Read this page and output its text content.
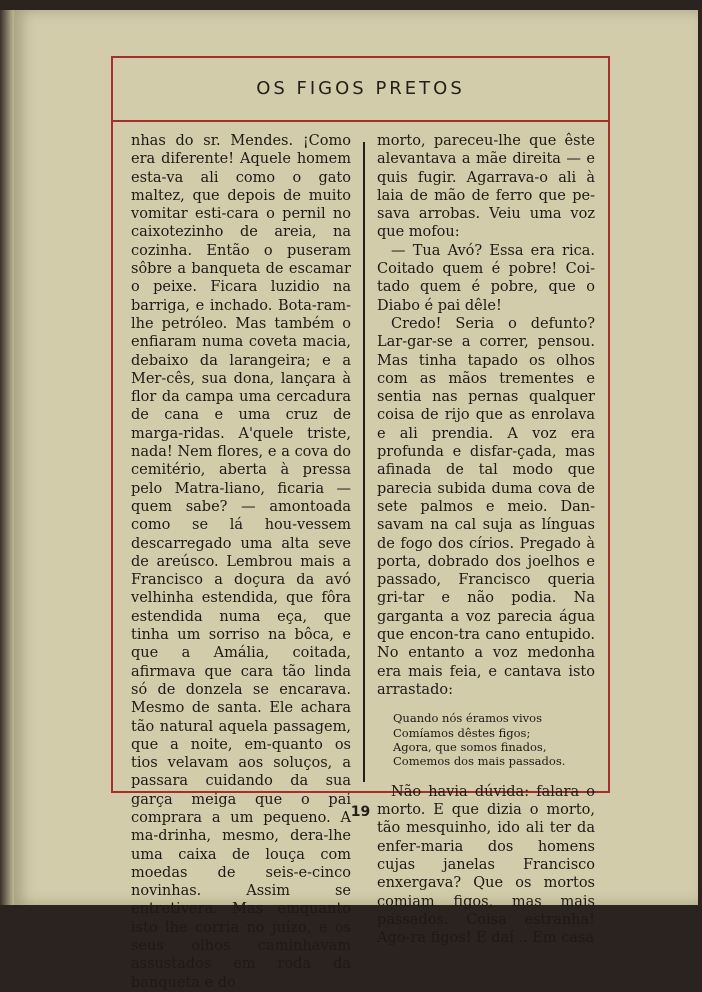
OS FIGOS PRETOS

nhas do sr. Mendes. ¡Como era diferente! Aquele homem esta-va ali como o gato maltez, que depois de muito vomitar esti-cara o pernil no caixotezinho de areia, na cozinha. Então o puseram sôbre a banqueta de escamar o peixe. Ficara luzidio na barriga, e inchado. Bota-ram-lhe petróleo. Mas também o enfiaram numa coveta macia, debaixo da larangeira; e a Mer-cês, sua dona, lançara à flor da campa uma cercadura de cana e uma cruz de marga-ridas. A'quele triste, nada! Nem flores, e a cova do cemitério, aberta à pressa pelo Matra-liano, ficaria — quem sabe? — amontoada como se lá hou-vessem descarregado uma alta seve de areúsco. Lembrou mais a Francisco a doçura da avó velhinha estendida, que fôra estendida numa eça, que tinha um sorriso na bôca, e que a Amália, coitada, afirmava que cara tão linda só de donzela se encarava. Mesmo de santa. Ele achara tão natural aquela passagem, que a noite, em-quanto os tios velavam aos soluços, a passara cuidando da sua garça meiga que o pai comprara a um pequeno. A ma-drinha, mesmo, dera-lhe uma caixa de louça com moedas de seis-e-cinco novinhas. Assim se entretivera. Mas emquanto isto lhe corria no juízo, e os seus olhos caminhavam assustados em roda da banqueta e do

morto, pareceu-lhe que êste alevantava a mãe direita — e quis fugir. Agarrava-o ali à laia de mão de ferro que pe-sava arrobas. Veiu uma voz que mofou:

— Tua Avó? Essa era rica. Coitado quem é pobre! Coi-tado quem é pobre, que o Diabo é pai dêle!

Credo! Seria o defunto? Lar-gar-se a correr, pensou. Mas tinha tapado os olhos com as mãos trementes e sentia nas pernas qualquer coisa de rijo que as enrolava e ali prendia. A voz era profunda e disfar-çada, mas afinada de tal modo que parecia subida duma cova de sete palmos e meio. Dan-savam na cal suja as línguas de fogo dos círios. Pregado à porta, dobrado dos joelhos e passado, Francisco queria gri-tar e não podia. Na garganta a voz parecia água que encon-tra cano entupido. No entanto a voz medonha era mais feia, e cantava isto arrastado:

Quando nós éramos vivos
Comíamos dêstes figos;
Agora, que somos finados,
Comemos dos mais passados.

Não havia dúvida: falara o morto. E que dizia o morto, tão mesquinho, ido ali ter da enfer-maria dos homens cujas janelas Francisco enxergava? Que os mortos comiam figos, mas mais passados. Coisa estranha! Ago-ra figos! E daí .. Em casa

19
